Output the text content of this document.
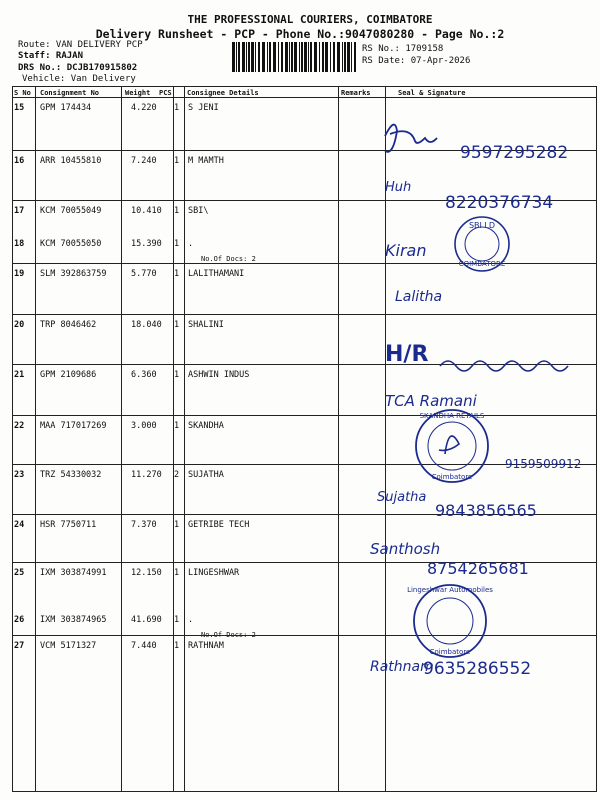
THE PROFESSIONAL COURIERS, COIMBATORE
Delivery Runsheet - PCP - Phone No.:9047080280 - Page No.:2
Route: VAN DELIVERY PCP
Staff: RAJAN
DRS No.: DCJB170915802
Vehicle: Van Delivery
RS No.: 1709158
RS Date: 07-Apr-2026
S No Consignment No	Weight PCS Consignee Details	Remarks	Seal & Signature
15 GPM 174434	4.220 1 S JENI
16 ARR 10455810	7.240 1 M MAMTH
17 KCM 70055049	10.410 1 SBI\
18 KCM 70055050	15.390 1 .
No.Of Docs: 2
19 SLM 392863759	5.770 1 LALITHAMANI
20 TRP 8046462	18.040 1 SHALINI
21 GPM 2109686	6.360 1 ASHWIN INDUS
22 MAA 717017269	3.000 1 SKANDHA
23 TRZ 54330032	11.270 2 SUJATHA
24 HSR 7750711	7.370 1 GETRIBE TECH
25 IXM 303874991	12.150 1 LINGESHWAR
26 IXM 303874965	41.690 1 .
No.Of Docs: 2
27 VCM 5171327	7.440 1 RATHNAM
9597295282
Huh
8220376734
Kiran
SBI LD
COIMBATORE
Lalitha
H/R
TCA Ramani
SKANDHA RETAILS
Coimbatore
9159509912
Sujatha
9843856565
Santhosh
8754265681
Lingeshwar Automobiles
Coimbatore
Rathnam
9635286552
